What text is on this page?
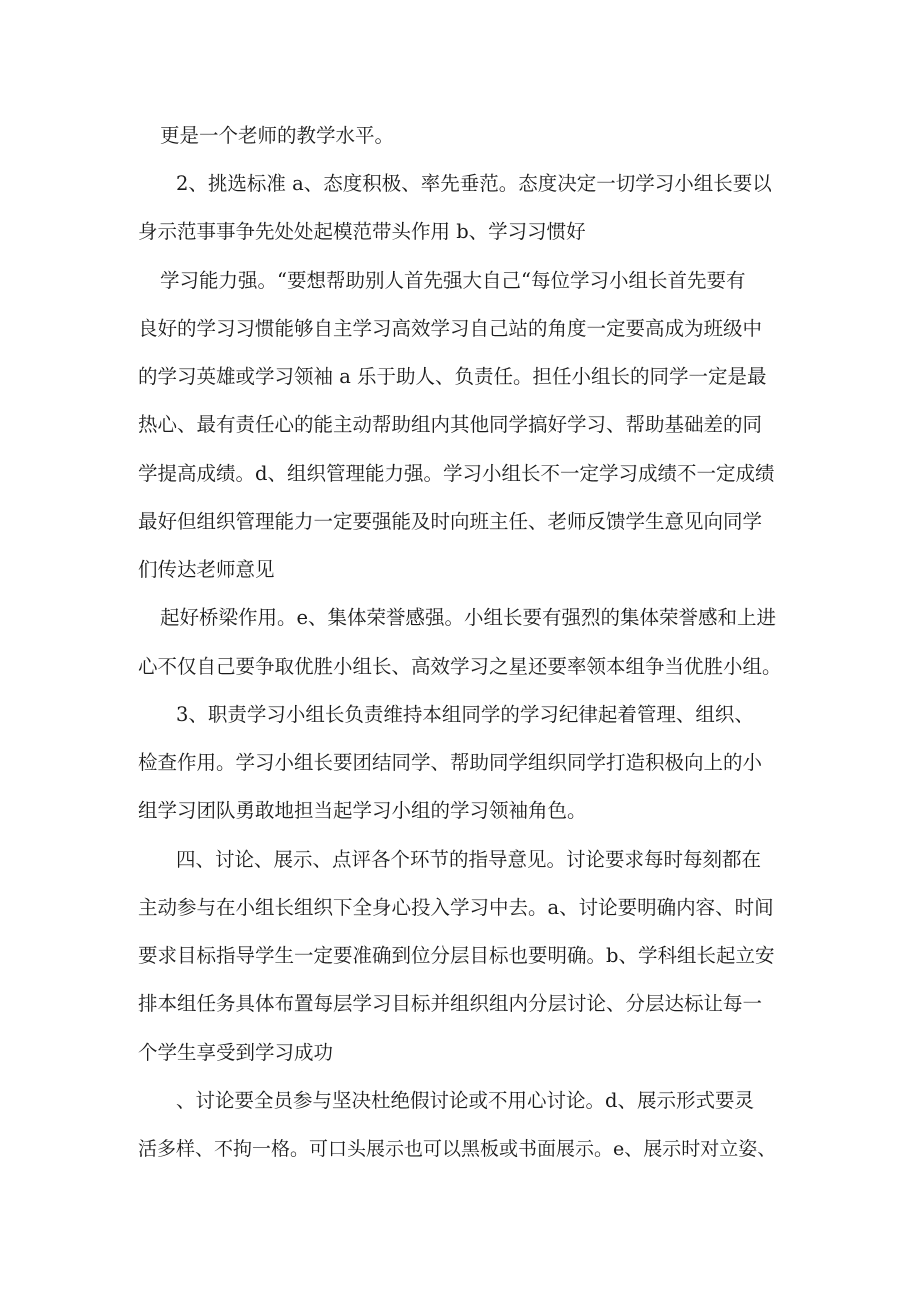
更是一个老师的教学水平。
2、挑选标准 a、态度积极、率先垂范。态度决定一切学习小组长要以
身示范事事争先处处起模范带头作用 b、学习习惯好
学习能力强。“要想帮助别人首先强大自己“每位学习小组长首先要有
良好的学习习惯能够自主学习高效学习自己站的角度一定要高成为班级中
的学习英雄或学习领袖 a 乐于助人、负责任。担任小组长的同学一定是最
热心、最有责任心的能主动帮助组内其他同学搞好学习、帮助基础差的同
学提高成绩。d、组织管理能力强。学习小组长不一定学习成绩不一定成绩
最好但组织管理能力一定要强能及时向班主任、老师反馈学生意见向同学
们传达老师意见
起好桥梁作用。e、集体荣誉感强。小组长要有强烈的集体荣誉感和上进
心不仅自己要争取优胜小组长、高效学习之星还要率领本组争当优胜小组。
3、职责学习小组长负责维持本组同学的学习纪律起着管理、组织、
检查作用。学习小组长要团结同学、帮助同学组织同学打造积极向上的小
组学习团队勇敢地担当起学习小组的学习领袖角色。
四、讨论、展示、点评各个环节的指导意见。讨论要求每时每刻都在
主动参与在小组长组织下全身心投入学习中去。a、讨论要明确内容、时间
要求目标指导学生一定要准确到位分层目标也要明确。b、学科组长起立安
排本组任务具体布置每层学习目标并组织组内分层讨论、分层达标让每一
个学生享受到学习成功
、讨论要全员参与坚决杜绝假讨论或不用心讨论。d、展示形式要灵
活多样、不拘一格。可口头展示也可以黑板或书面展示。e、展示时对立姿、
